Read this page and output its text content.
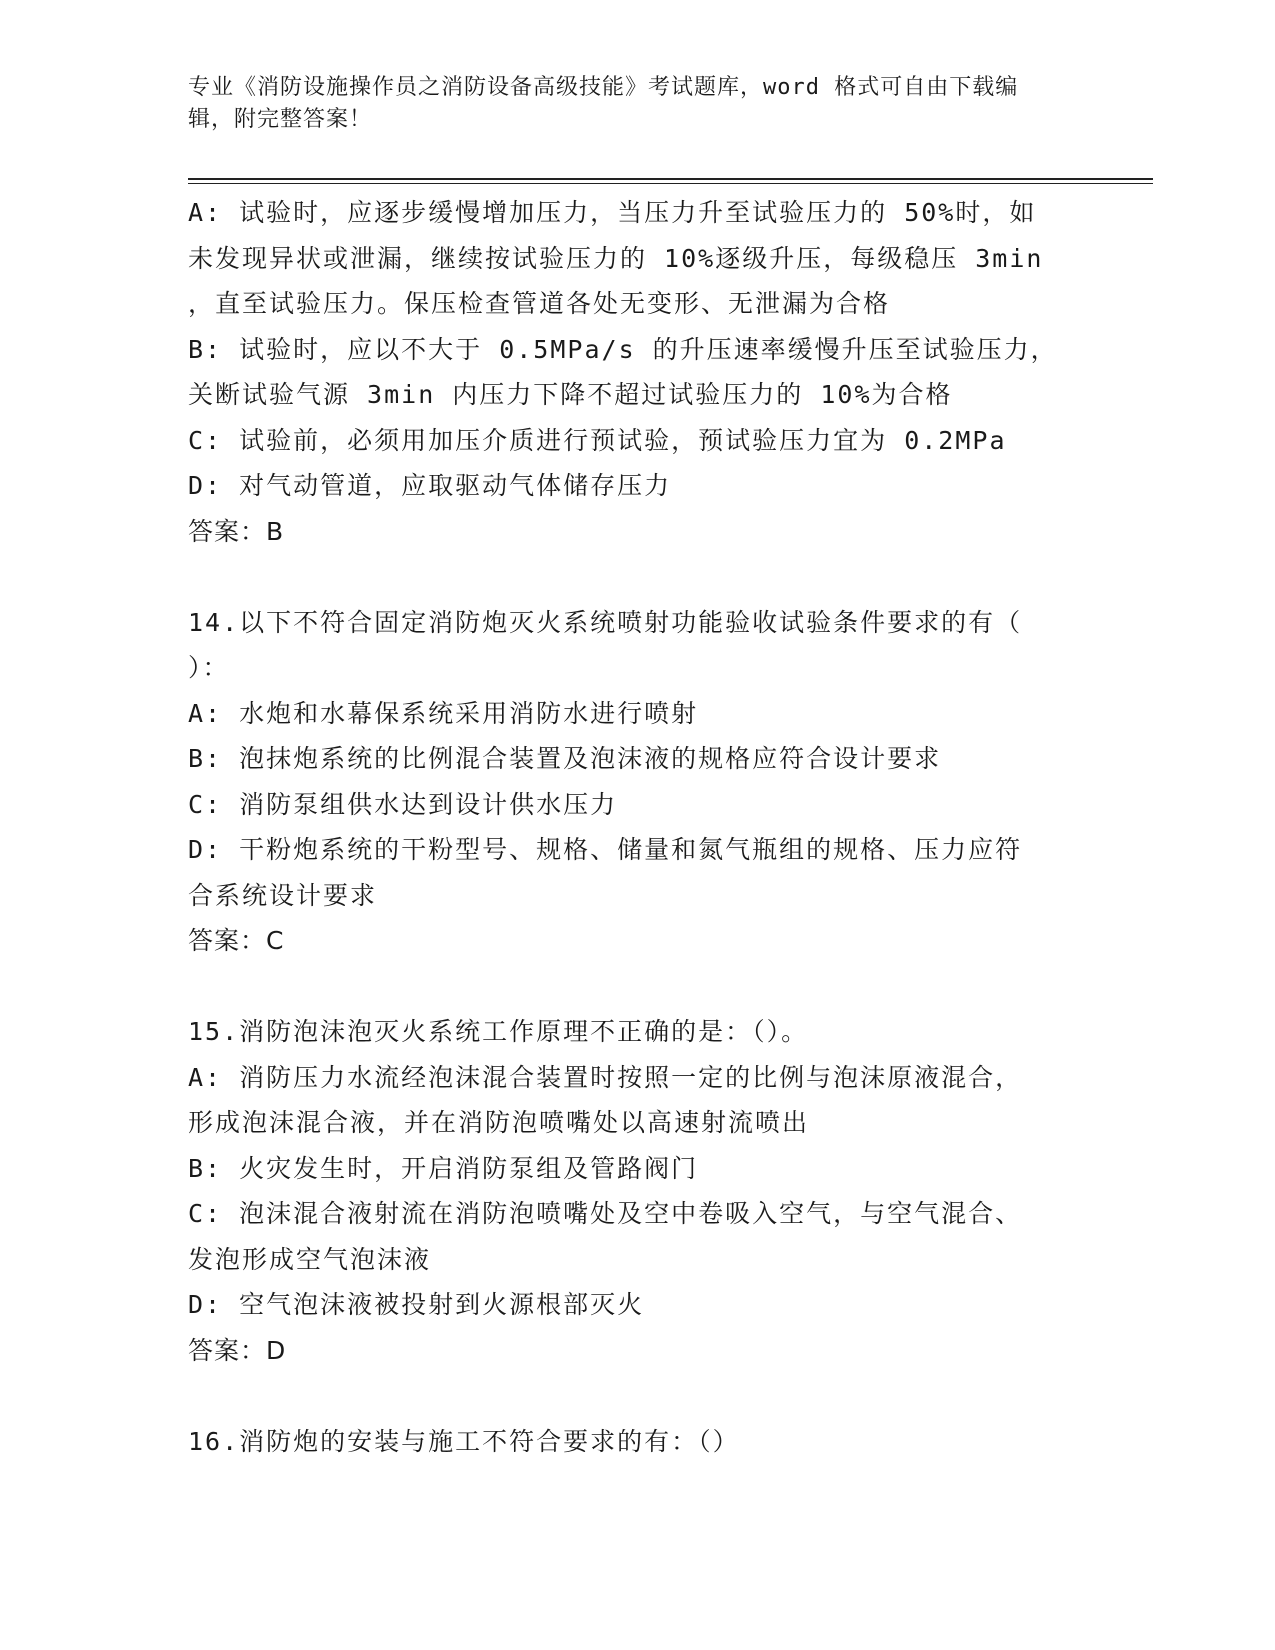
专业《消防设施操作员之消防设备高级技能》考试题库，word 格式可自由下载编
辑，附完整答案！
A: 试验时，应逐步缓慢增加压力，当压力升至试验压力的 50%时，如
未发现异状或泄漏，继续按试验压力的 10%逐级升压，每级稳压 3min
，直至试验压力。保压检查管道各处无变形、无泄漏为合格
B: 试验时，应以不大于 0.5MPa/s 的升压速率缓慢升压至试验压力，
关断试验气源 3min 内压力下降不超过试验压力的 10%为合格
C: 试验前，必须用加压介质进行预试验，预试验压力宜为 0.2MPa
D: 对气动管道，应取驱动气体储存压力
答案：B
14.以下不符合固定消防炮灭火系统喷射功能验收试验条件要求的有（
）：
A: 水炮和水幕保系统采用消防水进行喷射
B: 泡抹炮系统的比例混合装置及泡沫液的规格应符合设计要求
C: 消防泵组供水达到设计供水压力
D: 干粉炮系统的干粉型号、规格、储量和氮气瓶组的规格、压力应符
合系统设计要求
答案：C
15.消防泡沫泡灭火系统工作原理不正确的是：（）。
A: 消防压力水流经泡沫混合装置时按照一定的比例与泡沫原液混合，
形成泡沫混合液，并在消防泡喷嘴处以高速射流喷出
B: 火灾发生时，开启消防泵组及管路阀门
C: 泡沫混合液射流在消防泡喷嘴处及空中卷吸入空气，与空气混合、
发泡形成空气泡沫液
D: 空气泡沫液被投射到火源根部灭火
答案：D
16.消防炮的安装与施工不符合要求的有：（）
